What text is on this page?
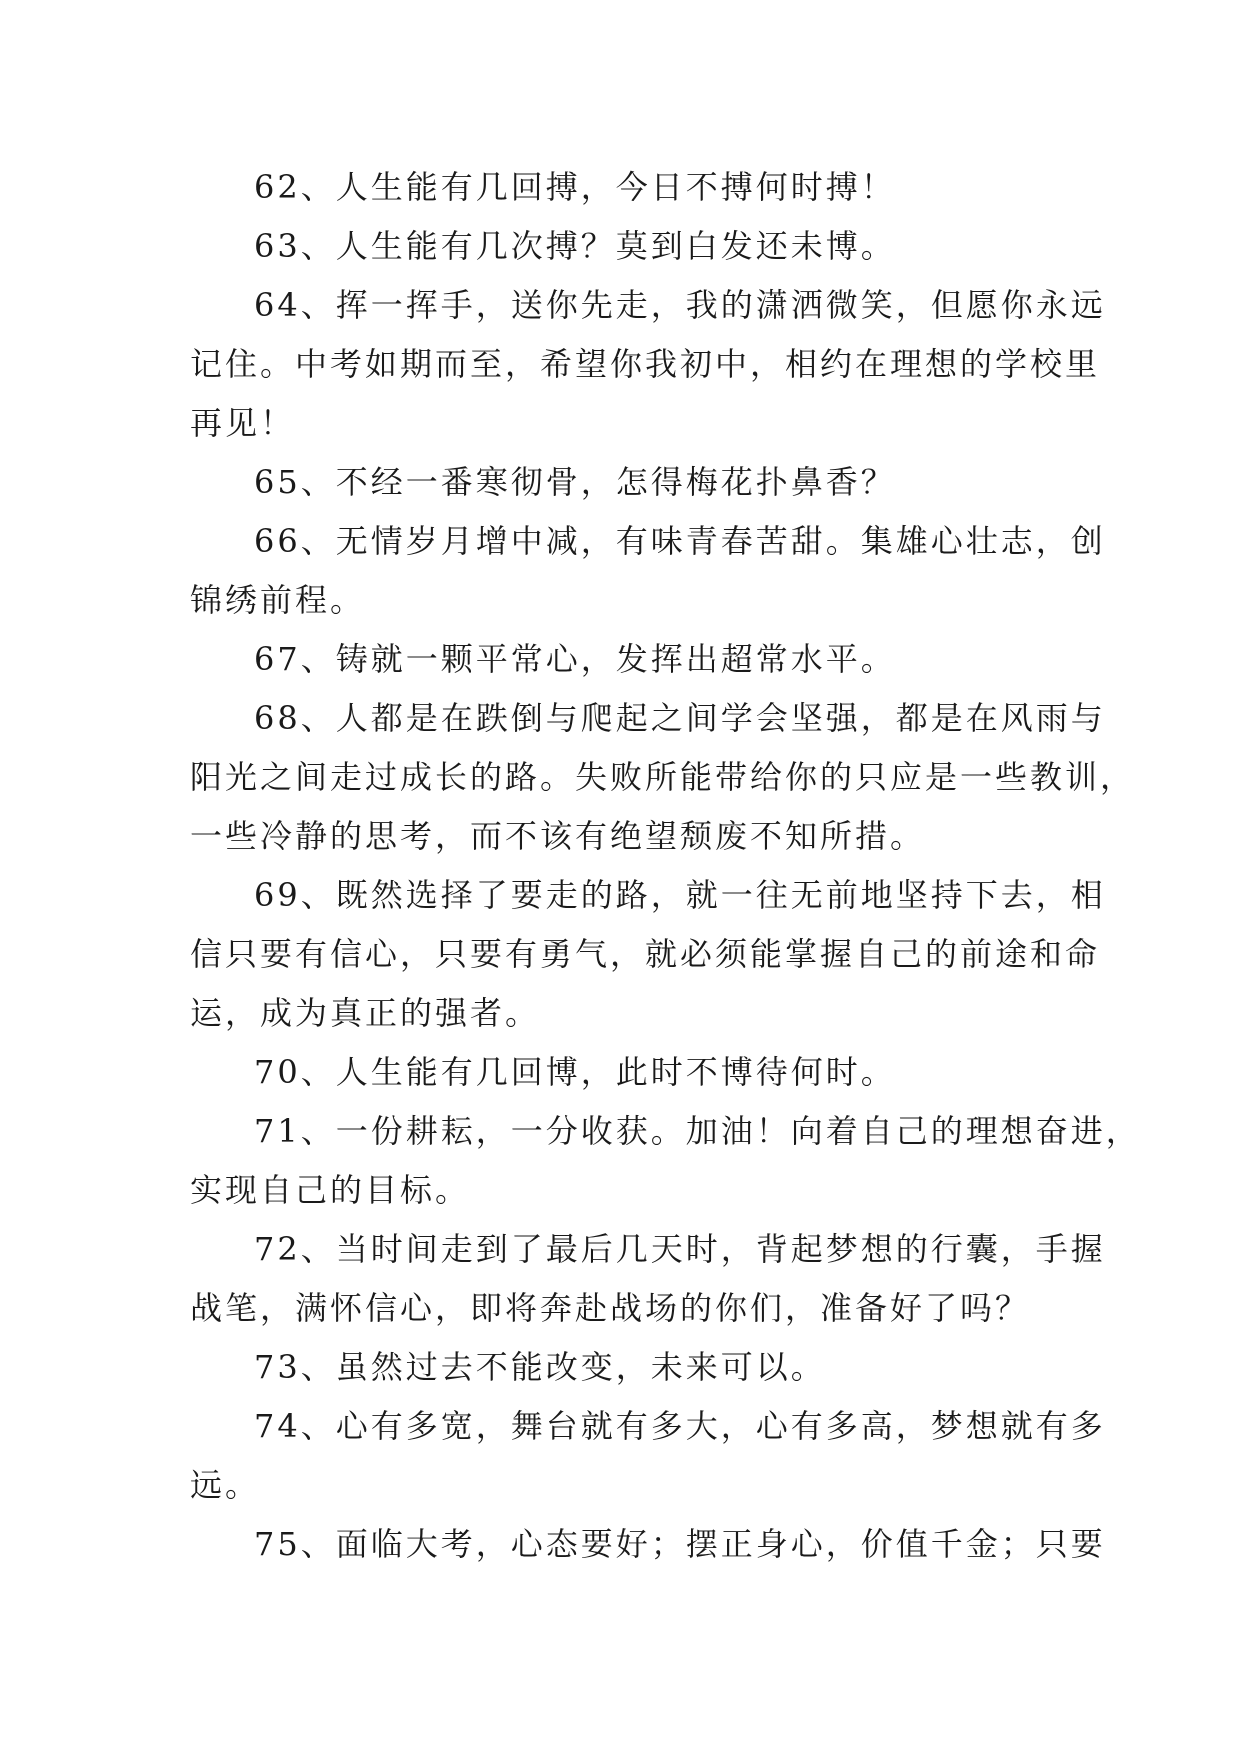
62、人生能有几回搏，今日不搏何时搏！
63、人生能有几次搏？莫到白发还未博。
64、挥一挥手，送你先走，我的潇洒微笑，但愿你永远
记住。中考如期而至，希望你我初中，相约在理想的学校里
再见！
65、不经一番寒彻骨，怎得梅花扑鼻香？
66、无情岁月增中减，有味青春苦甜。集雄心壮志，创
锦绣前程。
67、铸就一颗平常心，发挥出超常水平。
68、人都是在跌倒与爬起之间学会坚强，都是在风雨与
阳光之间走过成长的路。失败所能带给你的只应是一些教训，
一些冷静的思考，而不该有绝望颓废不知所措。
69、既然选择了要走的路，就一往无前地坚持下去，相
信只要有信心，只要有勇气，就必须能掌握自己的前途和命
运，成为真正的强者。
70、人生能有几回博，此时不博待何时。
71、一份耕耘，一分收获。加油！向着自己的理想奋进，
实现自己的目标。
72、当时间走到了最后几天时，背起梦想的行囊，手握
战笔，满怀信心，即将奔赴战场的你们，准备好了吗？
73、虽然过去不能改变，未来可以。
74、心有多宽，舞台就有多大，心有多高，梦想就有多
远。
75、面临大考，心态要好；摆正身心，价值千金；只要
